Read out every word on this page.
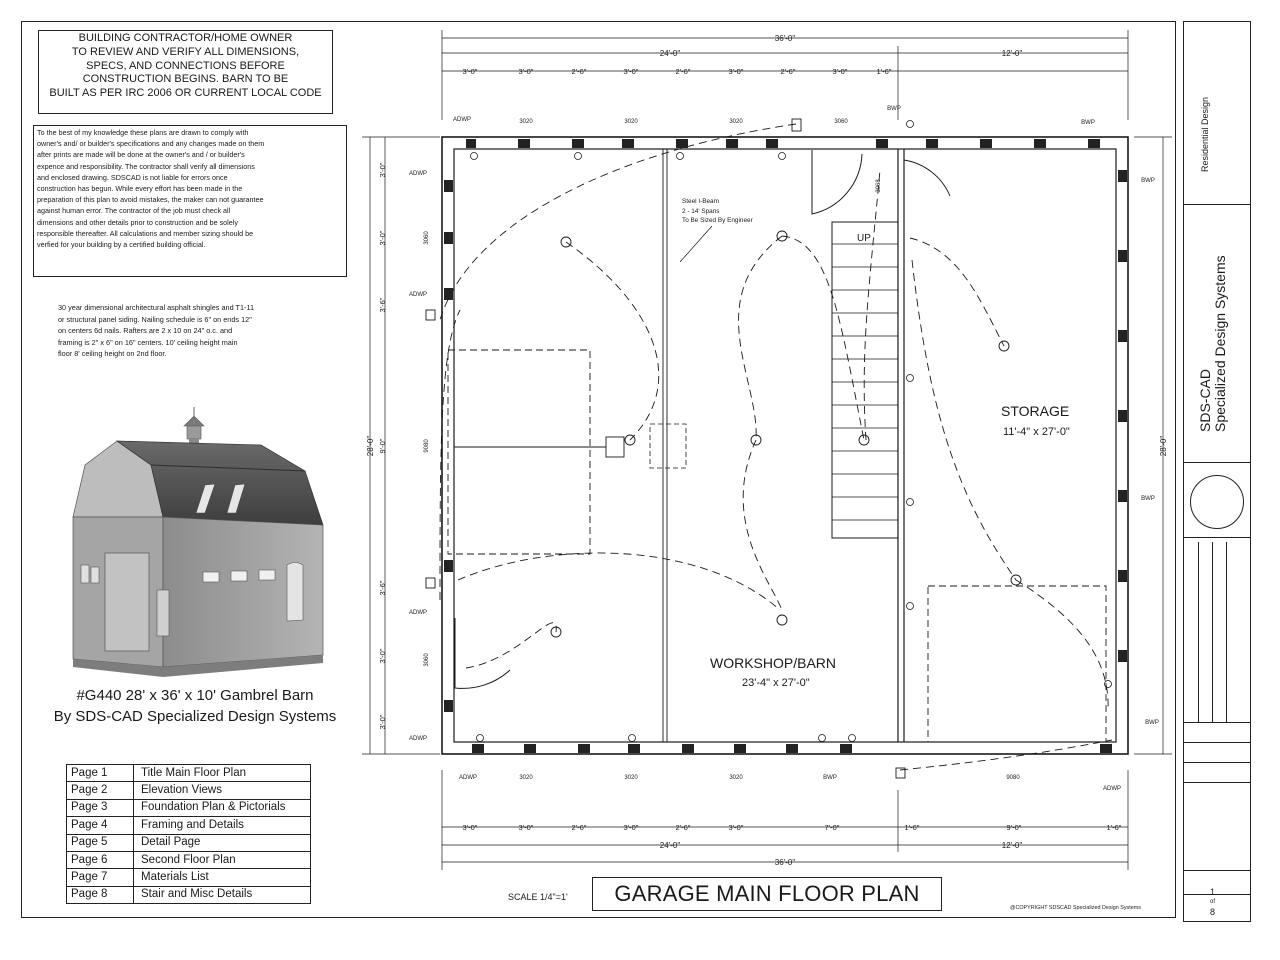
BUILDING CONTRACTOR/HOME OWNER
TO REVIEW AND VERIFY ALL DIMENSIONS,
SPECS, AND CONNECTIONS BEFORE
CONSTRUCTION BEGINS. BARN TO BE
BUILT AS PER IRC 2006 OR CURRENT LOCAL CODE
To the best of my knowledge these plans are drawn to comply with
owner's and/ or builder's specifications and any changes made on them
after prints are made will be done at the owner's and / or builder's
expence and responsibility. The contractor shall verify all dimensions
and enclosed drawing. SDSCAD is not liable for errors once
construction has begun. While every effort has been made in the
preparation of this plan to avoid mistakes, the maker can not guarantee
against human error. The contractor of the job must check all
dimensions and other details prior to construction and be solely
responsible thereafter. All calculations and member sizing should be
verfied for your building by a certified building official.
30 year dimensional architectural asphalt shingles and T1-11
or structural panel siding. Nailing schedule is 6" on ends 12"
on centers 6d nails. Rafters are 2 x 10 on 24" o.c. and
framing is 2" x 6" on 16" centers. 10' ceiling height main
floor 8' ceiling height on 2nd floor.
#G440 28' x 36' x 10' Gambrel Barn
By SDS-CAD Specialized Design Systems
Page 1	Title Main Floor Plan
Page 2	Elevation Views
Page 3	Foundation Plan & Pictorials
Page 4	Framing and Details
Page 5	Detail Page
Page 6	Second Floor Plan
Page 7	Materials List
Page 8	Stair and Misc Details
36'-0"
24'-0"	12'-0"
3'-0"	3'-0"	2'-6"	3'-0"	2'-6"	3'-0"	2'-6"	3'-0"	1'-6"
3'-0"	3'-0"	2'-6"	3'-0"	2'-6"	3'-0"	7'-0"	1'-6"	9'-0"	1'-6"
24'-0"	12'-0"
36'-0"
28'-0"
3'-0"
3'-0"
3'-6"
9'-0"
3'-6"
3'-0"
3'-0"
28'-0"
ADWP	3020	3020	3020	3060
BWP
BWP
ADWP	3020	3020	3020	BWP	9080
ADWP
ADWP
3060
ADWP
9080
ADWP
3060
ADWP
BWP
BWP
BWP
3068
STORAGE
11'-4" x 27'-0"
WORKSHOP/BARN
23'-4" x 27'-0"
Steel I-Beam
2 - 14' Spans
To Be Sized By Engineer
UP
SCALE 1/4"=1'	GARAGE MAIN FLOOR PLAN
@COPYRIGHT SDSCAD Specialized Design Systems
Residential Design
SDS-CAD Specialized Design Systems
1
of
8
